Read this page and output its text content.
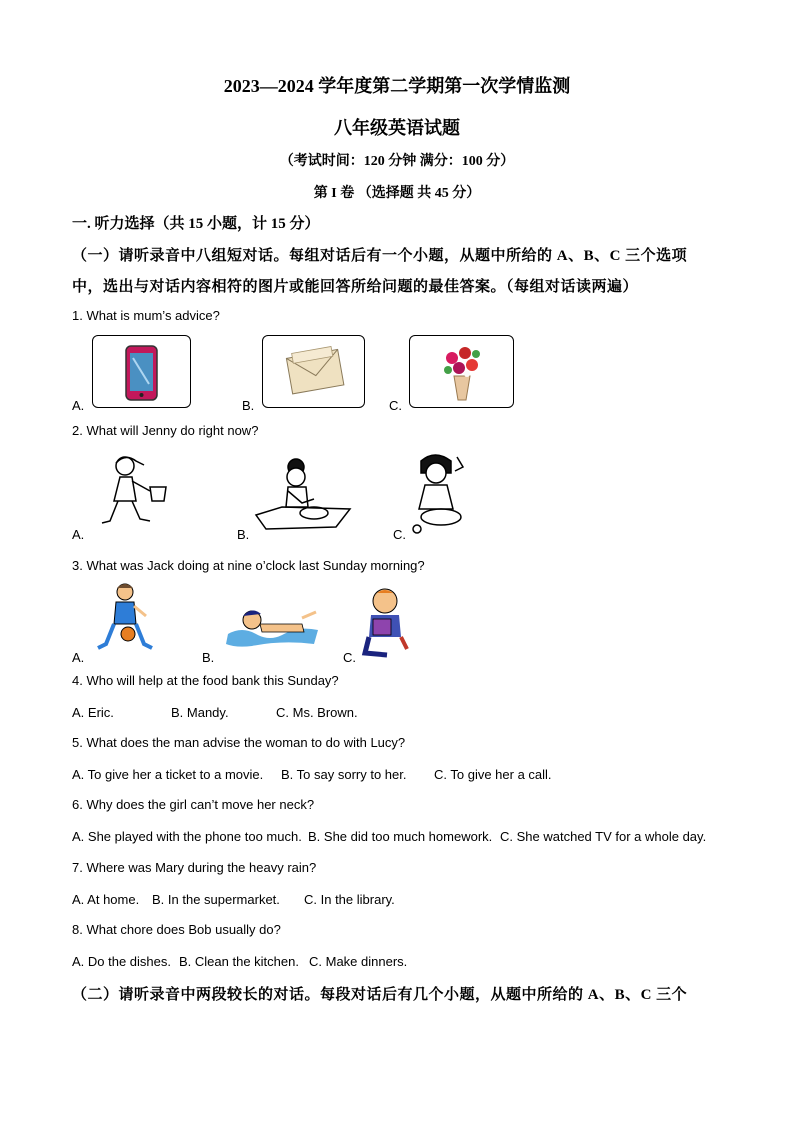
2023—2024 学年度第二学期第一次学情监测
八年级英语试题
（考试时间：120 分钟 满分：100 分）
第 I 卷 （选择题 共 45 分）
一. 听力选择（共 15 小题，计 15 分）
（一）请听录音中八组短对话。每组对话后有一个小题，从题中所给的 A、B、C 三个选项
中，选出与对话内容相符的图片或能回答所给问题的最佳答案。（每组对话读两遍）
1. What is mum’s advice?
A.	B.	C.
2. What will Jenny do right now?
A.	B.	C.
3. What was Jack doing at nine o’clock last Sunday morning?
A.	B.	C.
4. Who will help at the food bank this Sunday?
A. Eric.	B. Mandy.	C. Ms. Brown.
5. What does the man advise the woman to do with Lucy?
A. To give her a ticket to a movie. B. To say sorry to her. C. To give her a call.
6. Why does the girl can’t move her neck?
A. She played with the phone too much. B. She did too much homework. C. She watched TV for a whole day.
7. Where was Mary during the heavy rain?
A. At home. B. In the supermarket. C. In the library.
8. What chore does Bob usually do?
A. Do the dishes. B. Clean the kitchen. C. Make dinners.
（二）请听录音中两段较长的对话。每段对话后有几个小题，从题中所给的 A、B、C 三个
